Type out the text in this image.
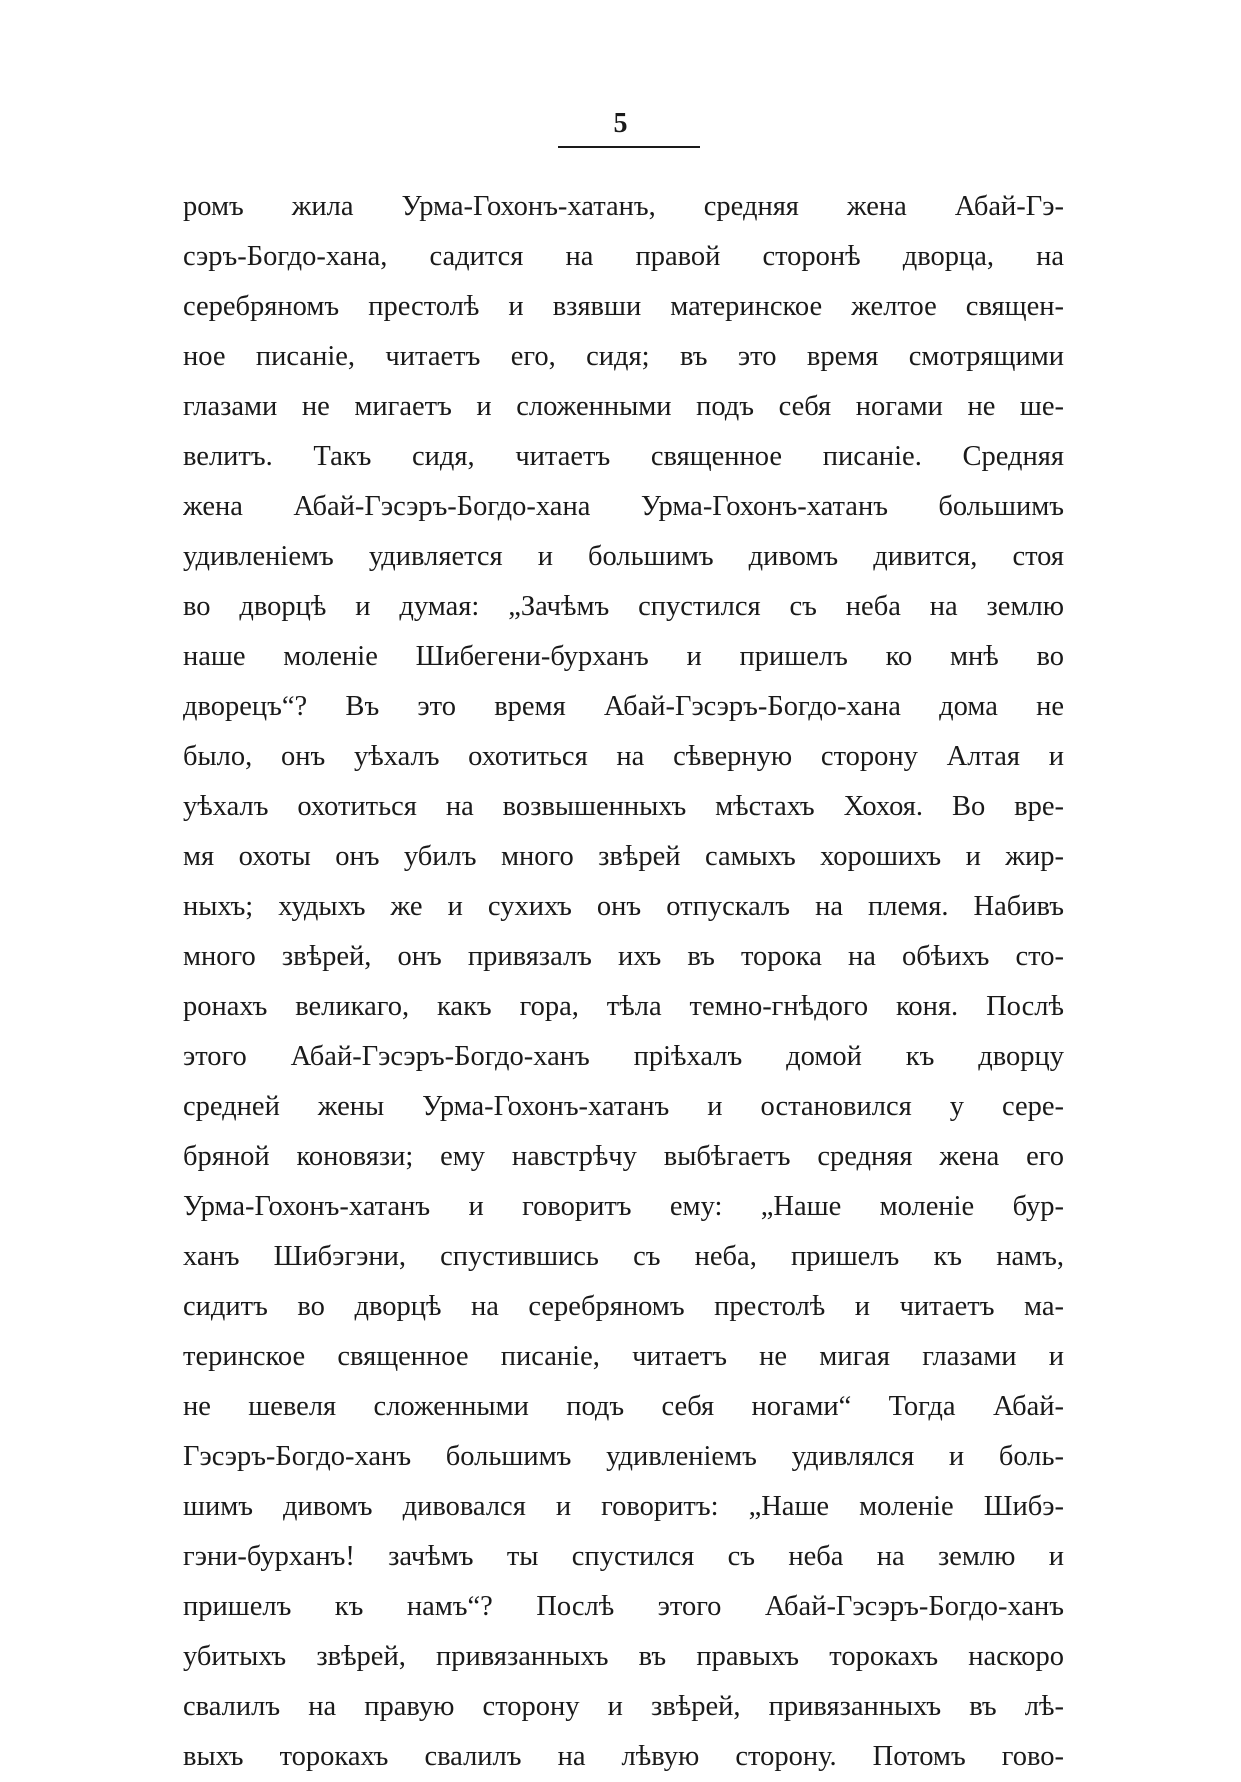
5
ромъ жила Урма-Гохонъ-хатанъ, средняя жена Абай-Гэ-
сэръ-Богдо-хана, садится на правой сторонѣ дворца, на
серебряномъ престолѣ и взявши материнское желтое священ-
ное писаніе, читаетъ его, сидя; въ это время смотрящими
глазами не мигаетъ и сложенными подъ себя ногами не ше-
велитъ. Такъ сидя, читаетъ священное писаніе. Средняя
жена Абай-Гэсэръ-Богдо-хана Урма-Гохонъ-хатанъ большимъ
удивленіемъ удивляется и большимъ дивомъ дивится, стоя
во дворцѣ и думая: „Зачѣмъ спустился съ неба на землю
наше моленіе Шибегени-бурханъ и пришелъ ко мнѣ во
дворецъ“? Въ это время Абай-Гэсэръ-Богдо-хана дома не
было, онъ уѣхалъ охотиться на сѣверную сторону Алтая и
уѣхалъ охотиться на возвышенныхъ мѣстахъ Хохоя. Во вре-
мя охоты онъ убилъ много звѣрей самыхъ хорошихъ и жир-
ныхъ; худыхъ же и сухихъ онъ отпускалъ на племя. Набивъ
много звѣрей, онъ привязалъ ихъ въ торока на обѣихъ сто-
ронахъ великаго, какъ гора, тѣла темно-гнѣдого коня. Послѣ
этого Абай-Гэсэръ-Богдо-ханъ пріѣхалъ домой къ дворцу
средней жены Урма-Гохонъ-хатанъ и остановился у сере-
бряной коновязи; ему навстрѣчу выбѣгаетъ средняя жена его
Урма-Гохонъ-хатанъ и говоритъ ему: „Наше моленіе бур-
ханъ Шибэгэни, спустившись съ неба, пришелъ къ намъ,
сидитъ во дворцѣ на серебряномъ престолѣ и читаетъ ма-
теринское священное писаніе, читаетъ не мигая глазами и
не шевеля сложенными подъ себя ногами“ Тогда Абай-
Гэсэръ-Богдо-ханъ большимъ удивленіемъ удивлялся и боль-
шимъ дивомъ дивовался и говоритъ: „Наше моленіе Шибэ-
гэни-бурханъ! зачѣмъ ты спустился съ неба на землю и
пришелъ къ намъ“? Послѣ этого Абай-Гэсэръ-Богдо-ханъ
убитыхъ звѣрей, привязанныхъ въ правыхъ торокахъ наскоро
свалилъ на правую сторону и звѣрей, привязанныхъ въ лѣ-
выхъ торокахъ свалилъ на лѣвую сторону. Потомъ гово-
